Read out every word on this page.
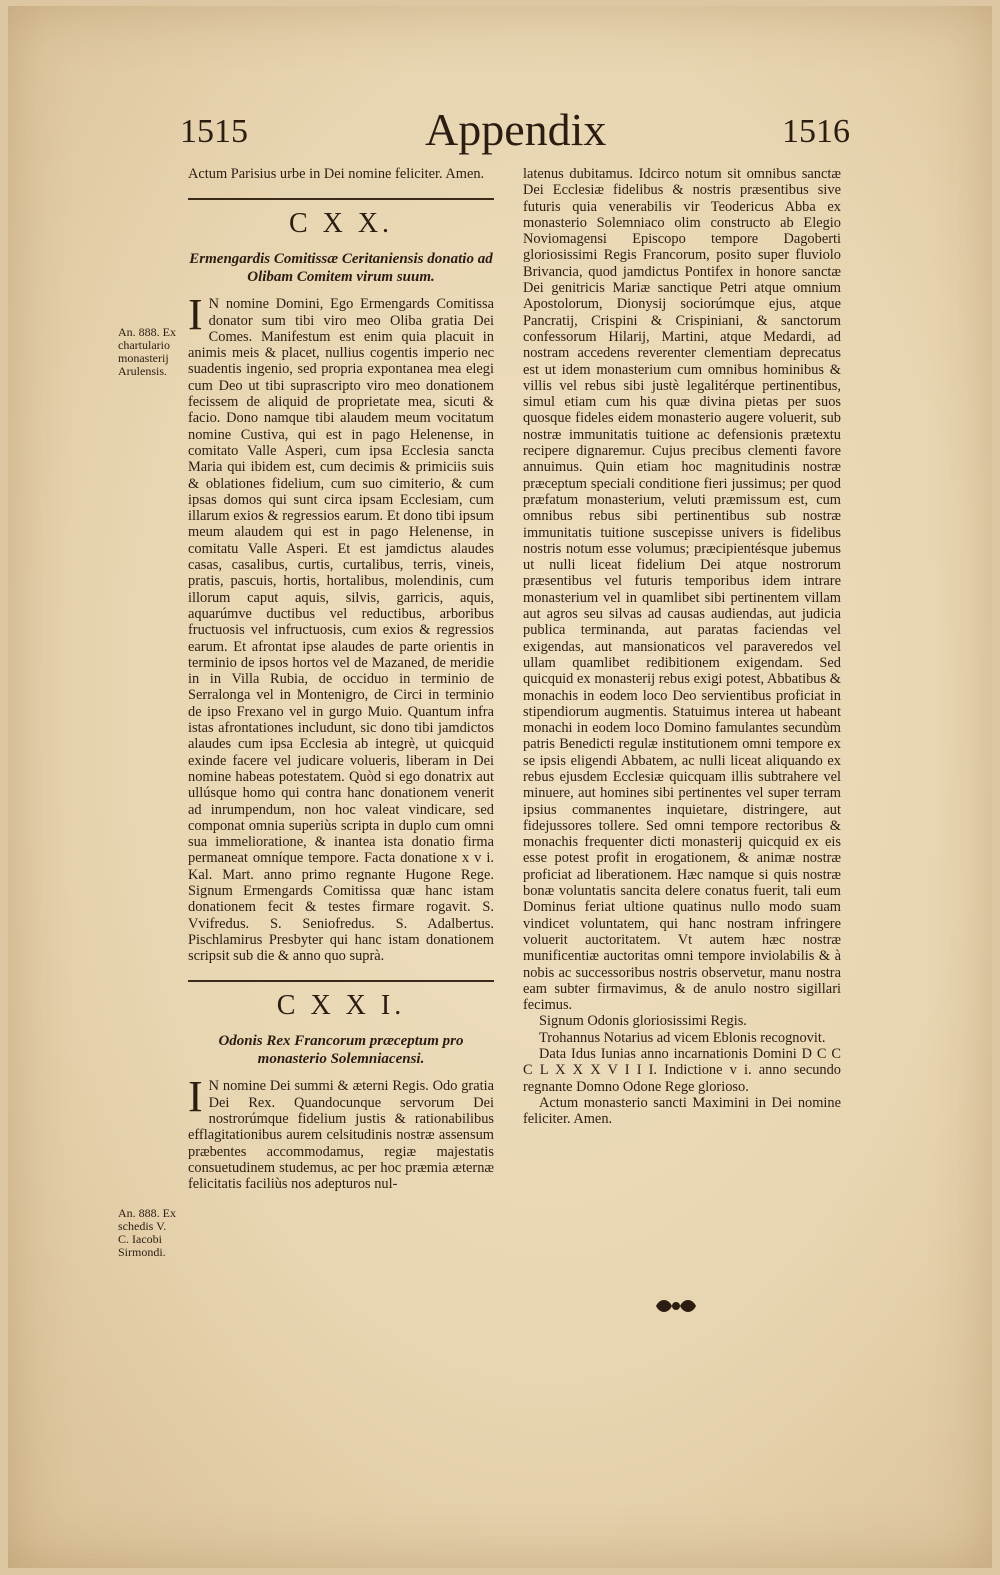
1515	Appendix	1516
An. 888. Ex chartulario monasterij Arulensis.
An. 888. Ex schedis V. C. Iacobi Sirmondi.

Actum Parisius urbe in Dei nomine feliciter. Amen.

C X X.
Ermengardis Comitissæ Ceritaniensis donatio ad Olibam Comitem virum suum.

I N nomine Domini, Ego Ermengards Comitissa donator sum tibi viro meo Oliba gratia Dei Comes. Manifestum est enim quia placuit in animis meis & placet, nullius cogentis imperio nec suadentis ingenio, sed propria expontanea mea elegi cum Deo ut tibi suprascripto viro meo donationem fecissem de aliquid de proprietate mea, sicuti & facio. Dono namque tibi alaudem meum vocitatum nomine Custiva, qui est in pago Helenense, in comitato Valle Asperi, cum ipsa Ecclesia sancta Maria qui ibidem est, cum decimis & primiciis suis & oblationes fidelium, cum suo cimiterio, & cum ipsas domos qui sunt circa ipsam Ecclesiam, cum illarum exios & regressios earum. Et dono tibi ipsum meum alaudem qui est in pago Helenense, in comitatu Valle Asperi. Et est jamdictus alaudes casas, casalibus, curtis, curtalibus, terris, vineis, pratis, pascuis, hortis, hortalibus, molendinis, cum illorum caput aquis, silvis, garricis, aquis, aquarúmve ductibus vel reductibus, arboribus fructuosis vel infructuosis, cum exios & regressios earum. Et afrontat ipse alaudes de parte orientis in terminio de ipsos hortos vel de Mazaned, de meridie in in Villa Rubia, de occiduo in terminio de Serralonga vel in Montenigro, de Circi in terminio de ipso Frexano vel in gurgo Muio. Quantum infra istas afrontationes includunt, sic dono tibi jamdictos alaudes cum ipsa Ecclesia ab integrè, ut quicquid exinde facere vel judicare volueris, liberam in Dei nomine habeas potestatem. Quòd si ego donatrix aut ullúsque homo qui contra hanc donationem venerit ad inrumpendum, non hoc valeat vindicare, sed componat omnia superiùs scripta in duplo cum omni sua immelioratione, & inantea ista donatio firma permaneat omníque tempore. Facta donatione x v i. Kal. Mart. anno primo regnante Hugone Rege. Signum Ermengards Comitissa quæ hanc istam donationem fecit & testes firmare rogavit. S. Vvifredus. S. Seniofredus. S. Adalbertus. Pischlamirus Presbyter qui hanc istam donationem scripsit sub die & anno quo suprà.

C X X I.
Odonis Rex Francorum præceptum pro monasterio Solemniacensi.

I N nomine Dei summi & æterni Regis. Odo gratia Dei Rex. Quandocunque servorum Dei nostrorúmque fidelium justis & rationabilibus efflagitationibus aurem celsitudinis nostræ assensum præbentes accommodamus, regiæ majestatis consuetudinem studemus, ac per hoc præmia æternæ felicitatis faciliùs nos adepturos nul-

latenus dubitamus. Idcirco notum sit omnibus sanctæ Dei Ecclesiæ fidelibus & nostris præsentibus sive futuris quia venerabilis vir Teodericus Abba ex monasterio Solemniaco olim constructo ab Elegio Noviomagensi Episcopo tempore Dagoberti gloriosissimi Regis Francorum, posito super fluviolo Brivancia, quod jamdictus Pontifex in honore sanctæ Dei genitricis Mariæ sanctique Petri atque omnium Apostolorum, Dionysij sociorúmque ejus, atque Pancratij, Crispini & Crispiniani, & sanctorum confessorum Hilarij, Martini, atque Medardi, ad nostram accedens reverenter clementiam deprecatus est ut idem monasterium cum omnibus hominibus & villis vel rebus sibi justè legalitérque pertinentibus, simul etiam cum his quæ divina pietas per suos quosque fideles eidem monasterio augere voluerit, sub nostræ immunitatis tuitione ac defensionis prætextu recipere dignaremur. Cujus precibus clementi favore annuimus. Quin etiam hoc magnitudinis nostræ præceptum speciali conditione fieri jussimus; per quod præfatum monasterium, veluti præmissum est, cum omnibus rebus sibi pertinentibus sub nostræ immunitatis tuitione suscepisse univers is fidelibus nostris notum esse volumus; præcipientésque jubemus ut nulli liceat fidelium Dei atque nostrorum præsentibus vel futuris temporibus idem intrare monasterium vel in quamlibet sibi pertinentem villam aut agros seu silvas ad causas audiendas, aut judicia publica terminanda, aut paratas faciendas vel exigendas, aut mansionaticos vel paraveredos vel ullam quamlibet redibitionem exigendam. Sed quicquid ex monasterij rebus exigi potest, Abbatibus & monachis in eodem loco Deo servientibus proficiat in stipendiorum augmentis. Statuimus interea ut habeant monachi in eodem loco Domino famulantes secundùm patris Benedicti regulæ institutionem omni tempore ex se ipsis eligendi Abbatem, ac nulli liceat aliquando ex rebus ejusdem Ecclesiæ quicquam illis subtrahere vel minuere, aut homines sibi pertinentes vel super terram ipsius commanentes inquietare, distringere, aut fidejussores tollere. Sed omni tempore rectoribus & monachis frequenter dicti monasterij quicquid ex eis esse potest profit in erogationem, & animæ nostræ proficiat ad liberationem. Hæc namque si quis nostræ bonæ voluntatis sancita delere conatus fuerit, tali eum Dominus feriat ultione quatinus nullo modo suam vindicet voluntatem, qui hanc nostram infringere voluerit auctoritatem. Vt autem hæc nostræ munificentiæ auctoritas omni tempore inviolabilis & à nobis ac successoribus nostris observetur, manu nostra eam subter firmavimus, & de anulo nostro sigillari fecimus.

Signum Odonis gloriosissimi Regis.

Trohannus Notarius ad vicem Eblonis recognovit.

Data Idus Iunias anno incarnationis Domini D C C C L X X X V I I I. Indictione v i. anno secundo regnante Domno Odone Rege glorioso.

Actum monasterio sancti Maximini in Dei nomine feliciter. Amen.
